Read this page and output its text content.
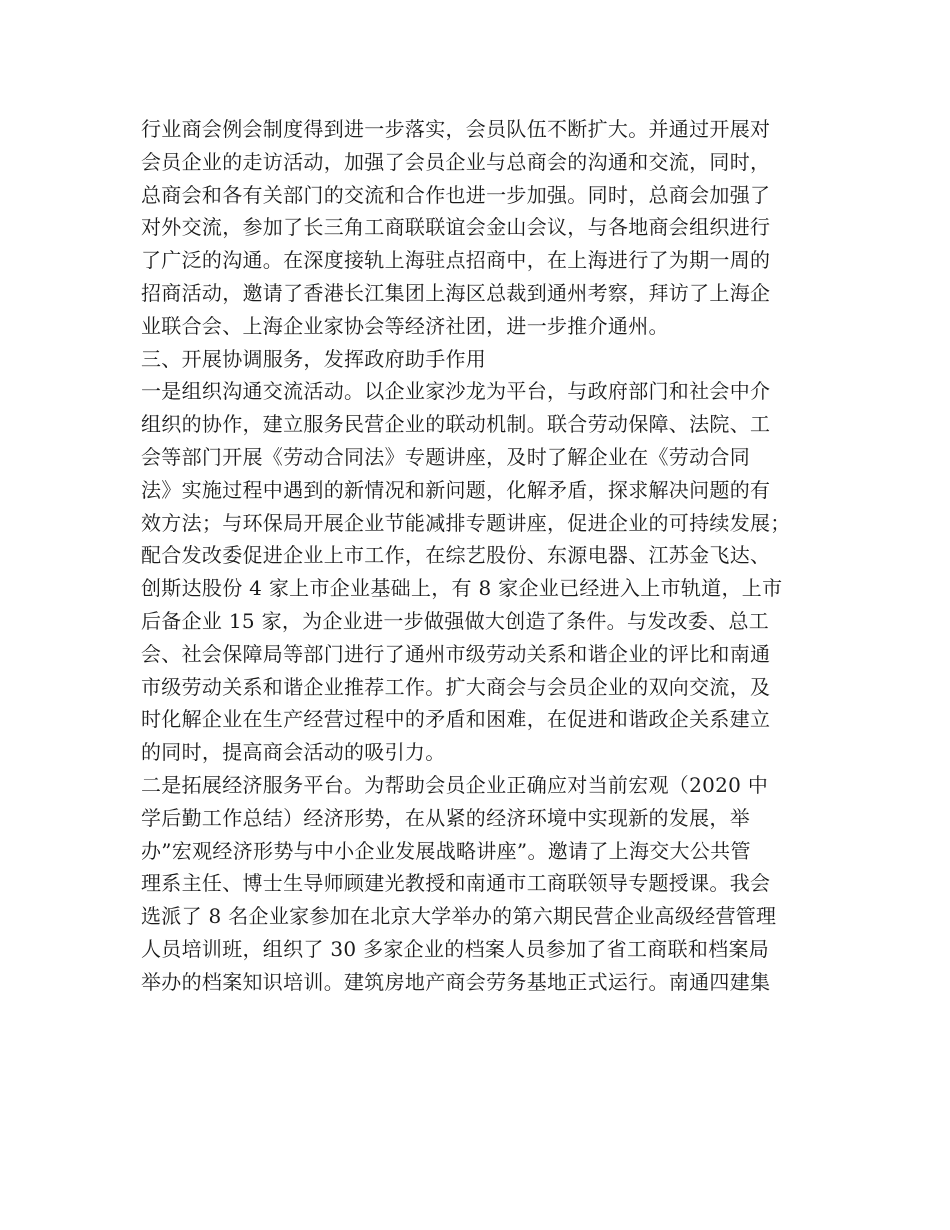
行业商会例会制度得到进一步落实，会员队伍不断扩大。并通过开展对
会员企业的走访活动，加强了会员企业与总商会的沟通和交流，同时，
总商会和各有关部门的交流和合作也进一步加强。同时，总商会加强了
对外交流，参加了长三角工商联联谊会金山会议，与各地商会组织进行
了广泛的沟通。在深度接轨上海驻点招商中，在上海进行了为期一周的
招商活动，邀请了香港长江集团上海区总裁到通州考察，拜访了上海企
业联合会、上海企业家协会等经济社团，进一步推介通州。
三、开展协调服务，发挥政府助手作用
一是组织沟通交流活动。以企业家沙龙为平台，与政府部门和社会中介
组织的协作，建立服务民营企业的联动机制。联合劳动保障、法院、工
会等部门开展《劳动合同法》专题讲座，及时了解企业在《劳动合同
法》实施过程中遇到的新情况和新问题，化解矛盾，探求解决问题的有
效方法；与环保局开展企业节能减排专题讲座，促进企业的可持续发展；
配合发改委促进企业上市工作，在综艺股份、东源电器、江苏金飞达、
创斯达股份 4 家上市企业基础上，有 8 家企业已经进入上市轨道，上市
后备企业 15 家，为企业进一步做强做大创造了条件。与发改委、总工
会、社会保障局等部门进行了通州市级劳动关系和谐企业的评比和南通
市级劳动关系和谐企业推荐工作。扩大商会与会员企业的双向交流，及
时化解企业在生产经营过程中的矛盾和困难，在促进和谐政企关系建立
的同时，提高商会活动的吸引力。
二是拓展经济服务平台。为帮助会员企业正确应对当前宏观（2020 中
学后勤工作总结）经济形势，在从紧的经济环境中实现新的发展，举
办”宏观经济形势与中小企业发展战略讲座”。邀请了上海交大公共管
理系主任、博士生导师顾建光教授和南通市工商联领导专题授课。我会
选派了 8 名企业家参加在北京大学举办的第六期民营企业高级经营管理
人员培训班，组织了 30 多家企业的档案人员参加了省工商联和档案局
举办的档案知识培训。建筑房地产商会劳务基地正式运行。南通四建集
